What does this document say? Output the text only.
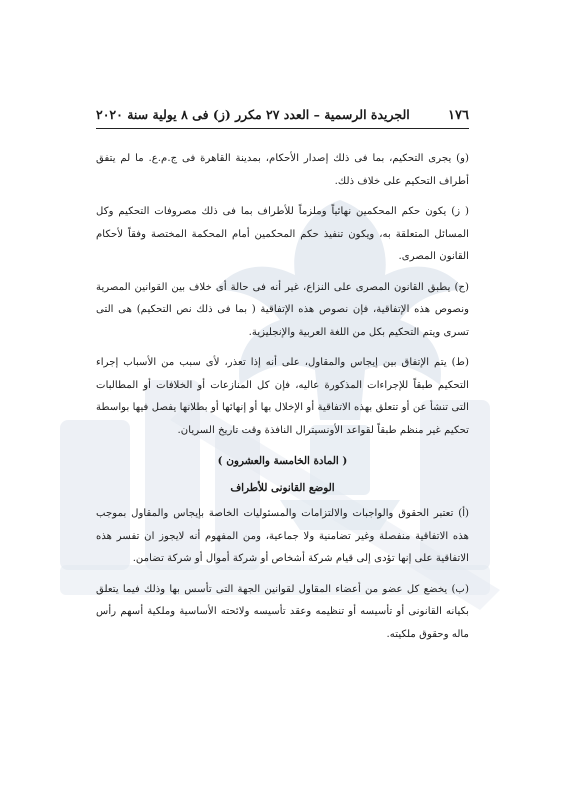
١٧٦
الجريدة الرسمية – العدد ٢٧ مكرر (ز) فى ٨ يولية سنة ٢٠٢٠

(و) يجرى التحكيم، بما فى ذلك إصدار الأحكام، بمدينة القاهرة فى ج.م.ع. ما لم يتفق أطراف التحكيم على خلاف ذلك.

( ز) يكون حكم المحكمين نهائياً وملزماً للأطراف بما فى ذلك مصروفات التحكيم وكل المسائل المتعلقة به، ويكون تنفيذ حكم المحكمين أمام المحكمة المختصة وفقاً لأحكام القانون المصرى.

(ح) يطبق القانون المصرى على النزاع، غير أنه فى حالة أى خلاف بين القوانين المصرية ونصوص هذه الإتفاقية، فإن نصوص هذه الإتفاقية ( بما فى ذلك نص التحكيم) هى التى تسرى ويتم التحكيم بكل من اللغة العربية والإنجليزية.

(ط) يتم الإتفاق بين إيجاس والمقاول، على أنه إذا تعذر، لأى سبب من الأسباب إجراء التحكيم طبقاً للإجراءات المذكورة عاليه، فإن كل المنازعات أو الخلافات أو المطالبات التى تنشأ عن أو تتعلق بهذه الاتفاقية أو الإخلال بها أو إنهائها أو بطلانها يفصل فيها بواسطة تحكيم غير منظم طبقاً لقواعد الأونسيترال النافذة وقت تاريخ السريان.

( المادة الخامسة والعشرون )
الوضع القانونى للأطراف

(أ) تعتبر الحقوق والواجبات والالتزامات والمسئوليات الخاصة بإيجاس والمقاول بموجب هذه الاتفاقية منفصلة وغير تضامنية ولا جماعية، ومن المفهوم أنه لايجوز ان تفسر هذه الاتفاقية على إنها تؤدى إلى قيام شركة أشخاص أو شركة أموال أو شركة تضامن.

(ب) يخضع كل عضو من أعضاء المقاول لقوانين الجهة التى تأسس بها وذلك فيما يتعلق بكيانه القانونى أو تأسيسه أو تنظيمه وعقد تأسيسه ولائحته الأساسية وملكية أسهم رأس ماله وحقوق ملكيته.
